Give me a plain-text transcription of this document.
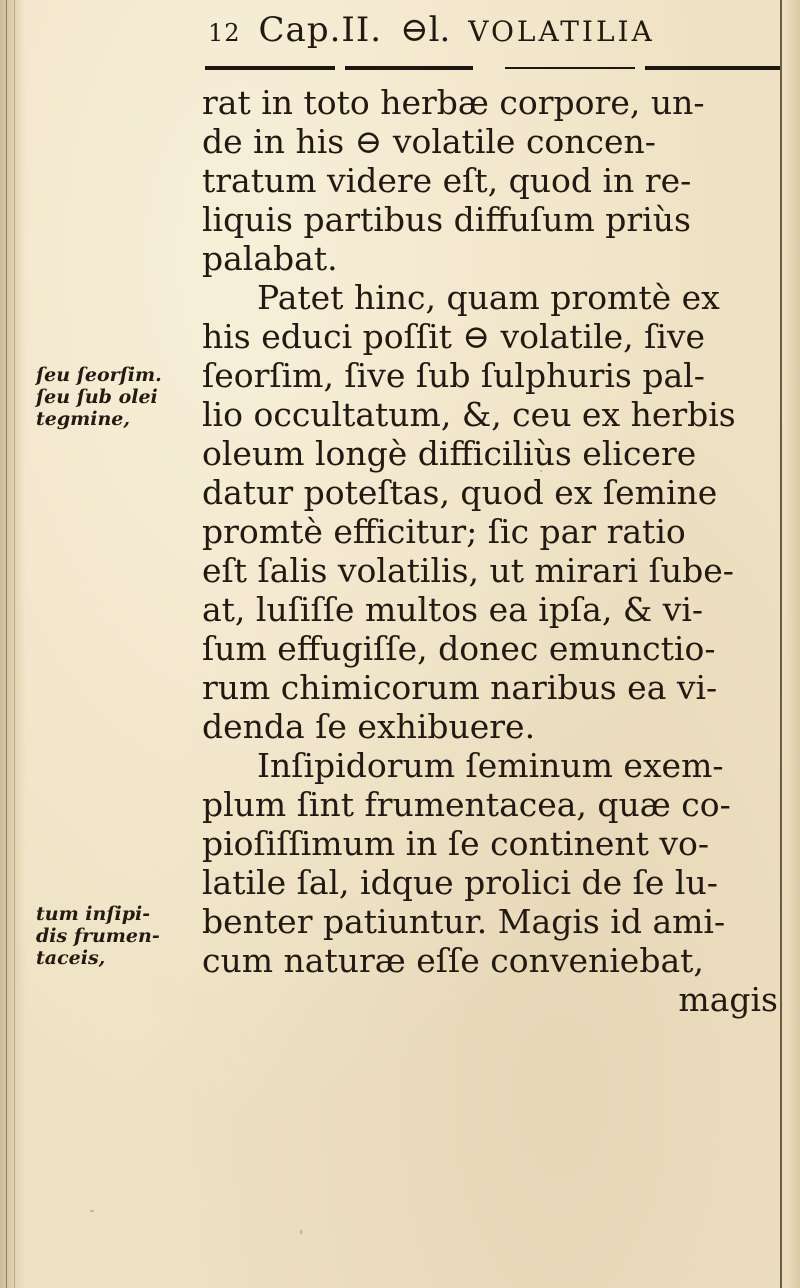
12 Cap.II. ⊖l. VOLATILIA
ſeu ſeorſim.
ſeu ſub olei
tegmine,
tum inſipi-
dis frumen-
taceis,
rat in toto herbæ corpore, un-
de in his ⊖ volatile concen-
tratum videre eſt, quod in re-
liquis partibus diffuſum priùs
palabat.
Patet hinc, quam promtè ex
his educi poſſit ⊖ volatile, ſive
ſeorſim, ſive ſub ſulphuris pal-
lio occultatum, &, ceu ex herbis
oleum longè difficiliùs elicere
datur poteſtas, quod ex ſemine
promtè efficitur; ſic par ratio
eſt ſalis volatilis, ut mirari ſube-
at, luſiſſe multos ea ipſa, & vi-
ſum effugiſſe, donec emunctio-
rum chimicorum naribus ea vi-
denda ſe exhibuere.
Inſipidorum ſeminum exem-
plum ſint frumentacea, quæ co-
pioſiſſimum in ſe continent vo-
latile ſal, idque prolici de ſe lu-
benter patiuntur. Magis id ami-
cum naturæ eſſe conveniebat,
magis
